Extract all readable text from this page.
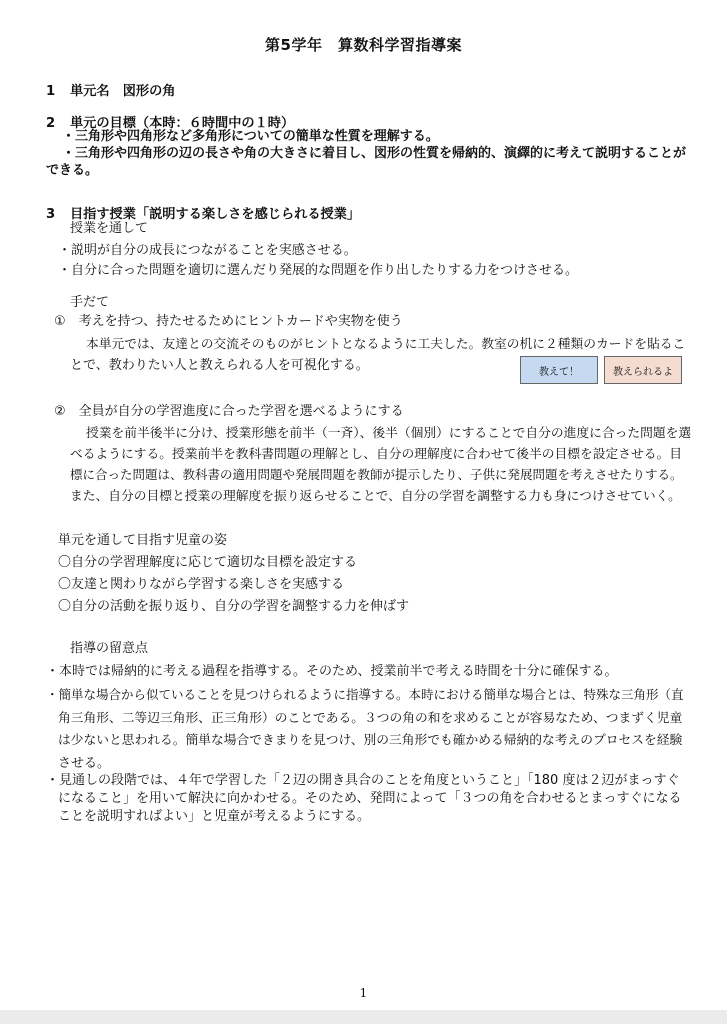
第5学年　算数科学習指導案
1 単元名　図形の角
2 単元の目標（本時：６時間中の１時）
・三角形や四角形など多角形についての簡単な性質を理解する。
・三角形や四角形の辺の長さや角の大きさに着目し、図形の性質を帰納的、演繹的に考えて説明することが
できる。
3 目指す授業「説明する楽しさを感じられる授業」
授業を通して
・説明が自分の成長につながることを実感させる。
・自分に合った問題を適切に選んだり発展的な問題を作り出したりする力をつけさせる。
手だて
①　考えを持つ、持たせるためにヒントカードや実物を使う
本単元では、友達との交流そのものがヒントとなるように工夫した。教室の机に２種類のカードを貼るこ
とで、教わりたい人と教えられる人を可視化する。	教えて！	教えられるよ
②　全員が自分の学習進度に合った学習を選べるようにする
授業を前半後半に分け、授業形態を前半（一斉）、後半（個別）にすることで自分の進度に合った問題を選
べるようにする。授業前半を教科書問題の理解とし、自分の理解度に合わせて後半の目標を設定させる。目
標に合った問題は、教科書の適用問題や発展問題を教師が提示したり、子供に発展問題を考えさせたりする。
また、自分の目標と授業の理解度を振り返らせることで、自分の学習を調整する力も身につけさせていく。
単元を通して目指す児童の姿
〇自分の学習理解度に応じて適切な目標を設定する
〇友達と関わりながら学習する楽しさを実感する
〇自分の活動を振り返り、自分の学習を調整する力を伸ばす
指導の留意点
・本時では帰納的に考える過程を指導する。そのため、授業前半で考える時間を十分に確保する。
・簡単な場合から似ていることを見つけられるように指導する。本時における簡単な場合とは、特殊な三角形（直
角三角形、二等辺三角形、正三角形）のことである。３つの角の和を求めることが容易なため、つまずく児童
は少ないと思われる。簡単な場合できまりを見つけ、別の三角形でも確かめる帰納的な考えのプロセスを経験
させる。
・見通しの段階では、４年で学習した「２辺の開き具合のことを角度ということ」「180 度は２辺がまっすぐ
になること」を用いて解決に向かわせる。そのため、発問によって「３つの角を合わせるとまっすぐになる
ことを説明すればよい」と児童が考えるようにする。
1
